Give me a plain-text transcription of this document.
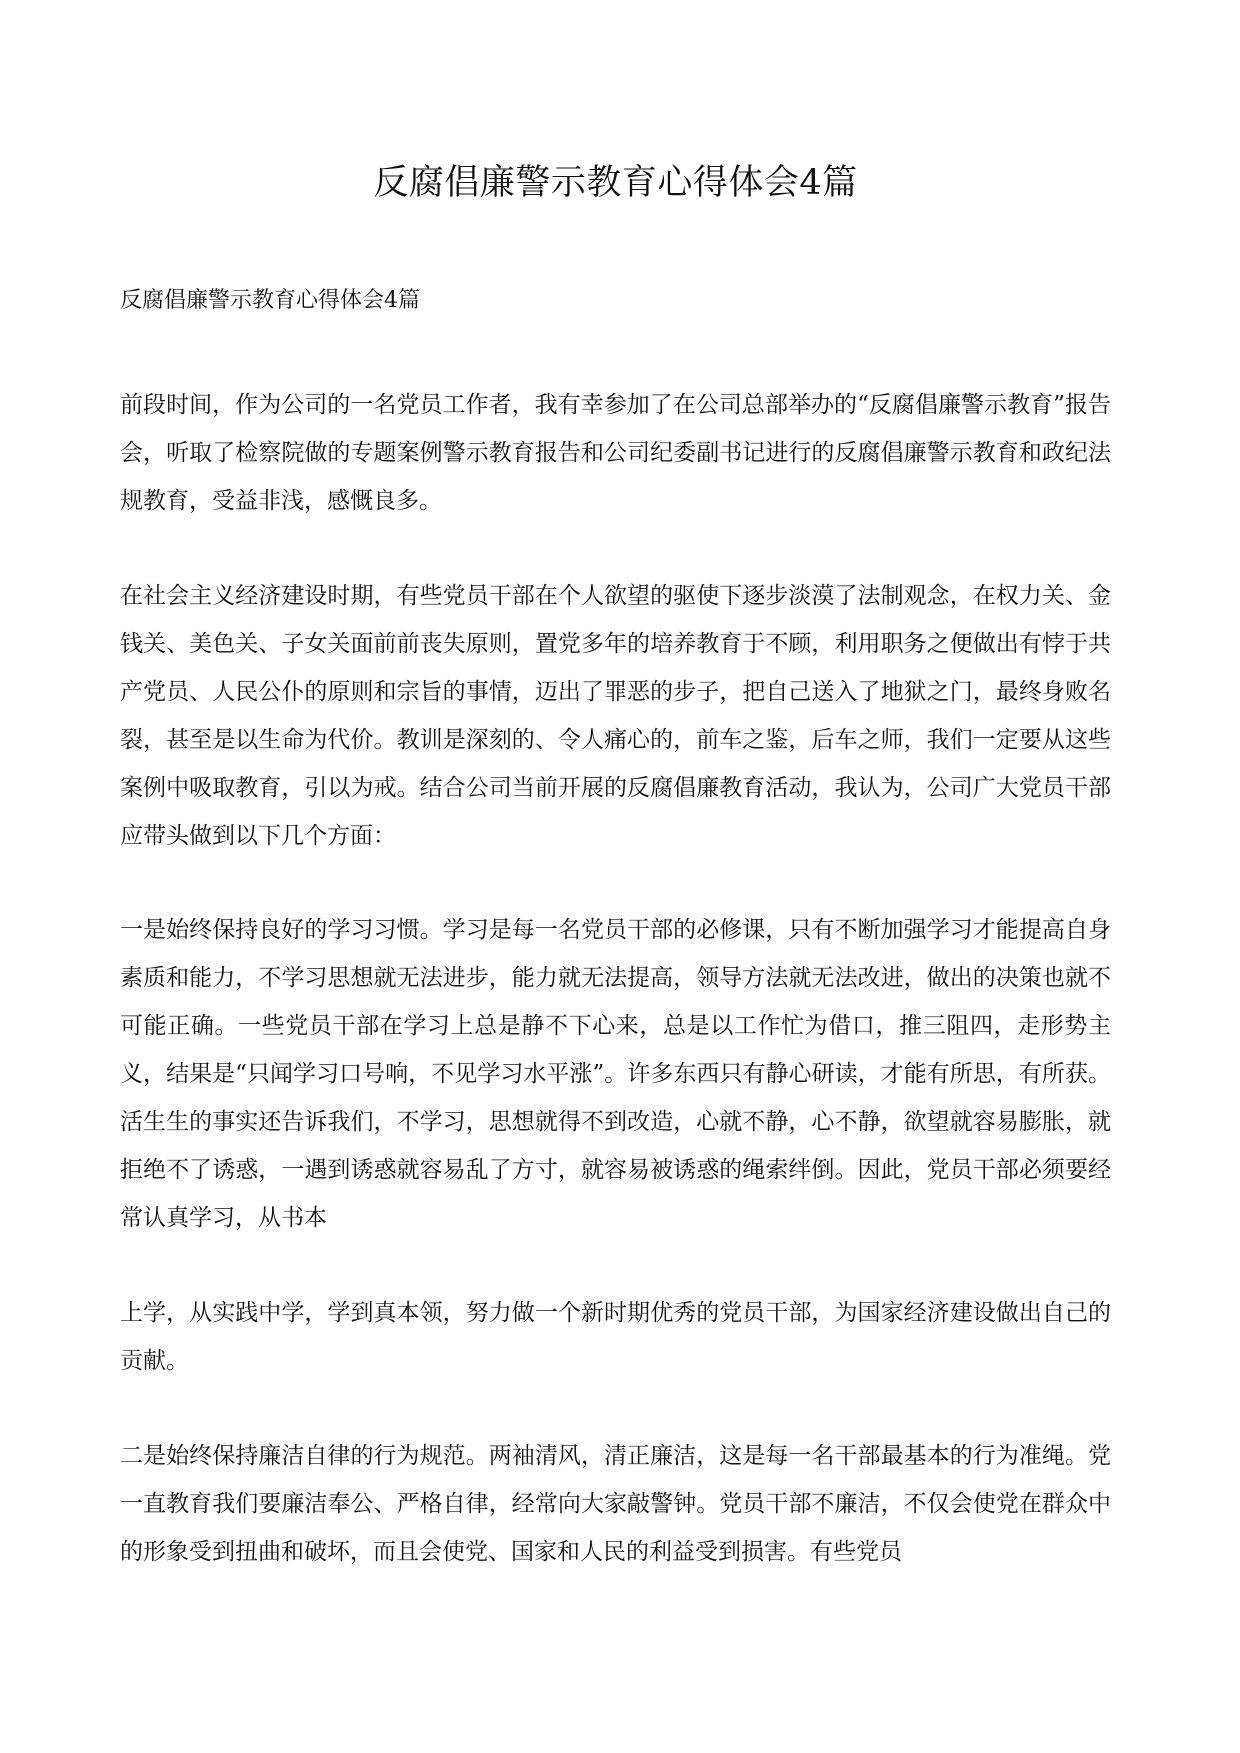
反腐倡廉警示教育心得体会4篇

反腐倡廉警示教育心得体会4篇

前段时间，作为公司的一名党员工作者，我有幸参加了在公司总部举办的“反腐倡廉警示教育”报告会，听取了检察院做的专题案例警示教育报告和公司纪委副书记进行的反腐倡廉警示教育和政纪法规教育，受益非浅，感慨良多。

在社会主义经济建设时期，有些党员干部在个人欲望的驱使下逐步淡漠了法制观念，在权力关、金钱关、美色关、子女关面前前丧失原则，置党多年的培养教育于不顾，利用职务之便做出有悖于共产党员、人民公仆的原则和宗旨的事情，迈出了罪恶的步子，把自己送入了地狱之门，最终身败名裂，甚至是以生命为代价。教训是深刻的、令人痛心的，前车之鉴，后车之师，我们一定要从这些案例中吸取教育，引以为戒。结合公司当前开展的反腐倡廉教育活动，我认为，公司广大党员干部应带头做到以下几个方面：

一是始终保持良好的学习习惯。学习是每一名党员干部的必修课，只有不断加强学习才能提高自身素质和能力，不学习思想就无法进步，能力就无法提高，领导方法就无法改进，做出的决策也就不可能正确。一些党员干部在学习上总是静不下心来，总是以工作忙为借口，推三阻四，走形势主义，结果是“只闻学习口号响，不见学习水平涨”。许多东西只有静心研读，才能有所思，有所获。活生生的事实还告诉我们，不学习，思想就得不到改造，心就不静，心不静，欲望就容易膨胀，就拒绝不了诱惑，一遇到诱惑就容易乱了方寸，就容易被诱惑的绳索绊倒。因此，党员干部必须要经常认真学习，从书本

上学，从实践中学，学到真本领，努力做一个新时期优秀的党员干部，为国家经济建设做出自己的贡献。

二是始终保持廉洁自律的行为规范。两袖清风，清正廉洁，这是每一名干部最基本的行为准绳。党一直教育我们要廉洁奉公、严格自律，经常向大家敲警钟。党员干部不廉洁，不仅会使党在群众中的形象受到扭曲和破坏，而且会使党、国家和人民的利益受到损害。有些党员
